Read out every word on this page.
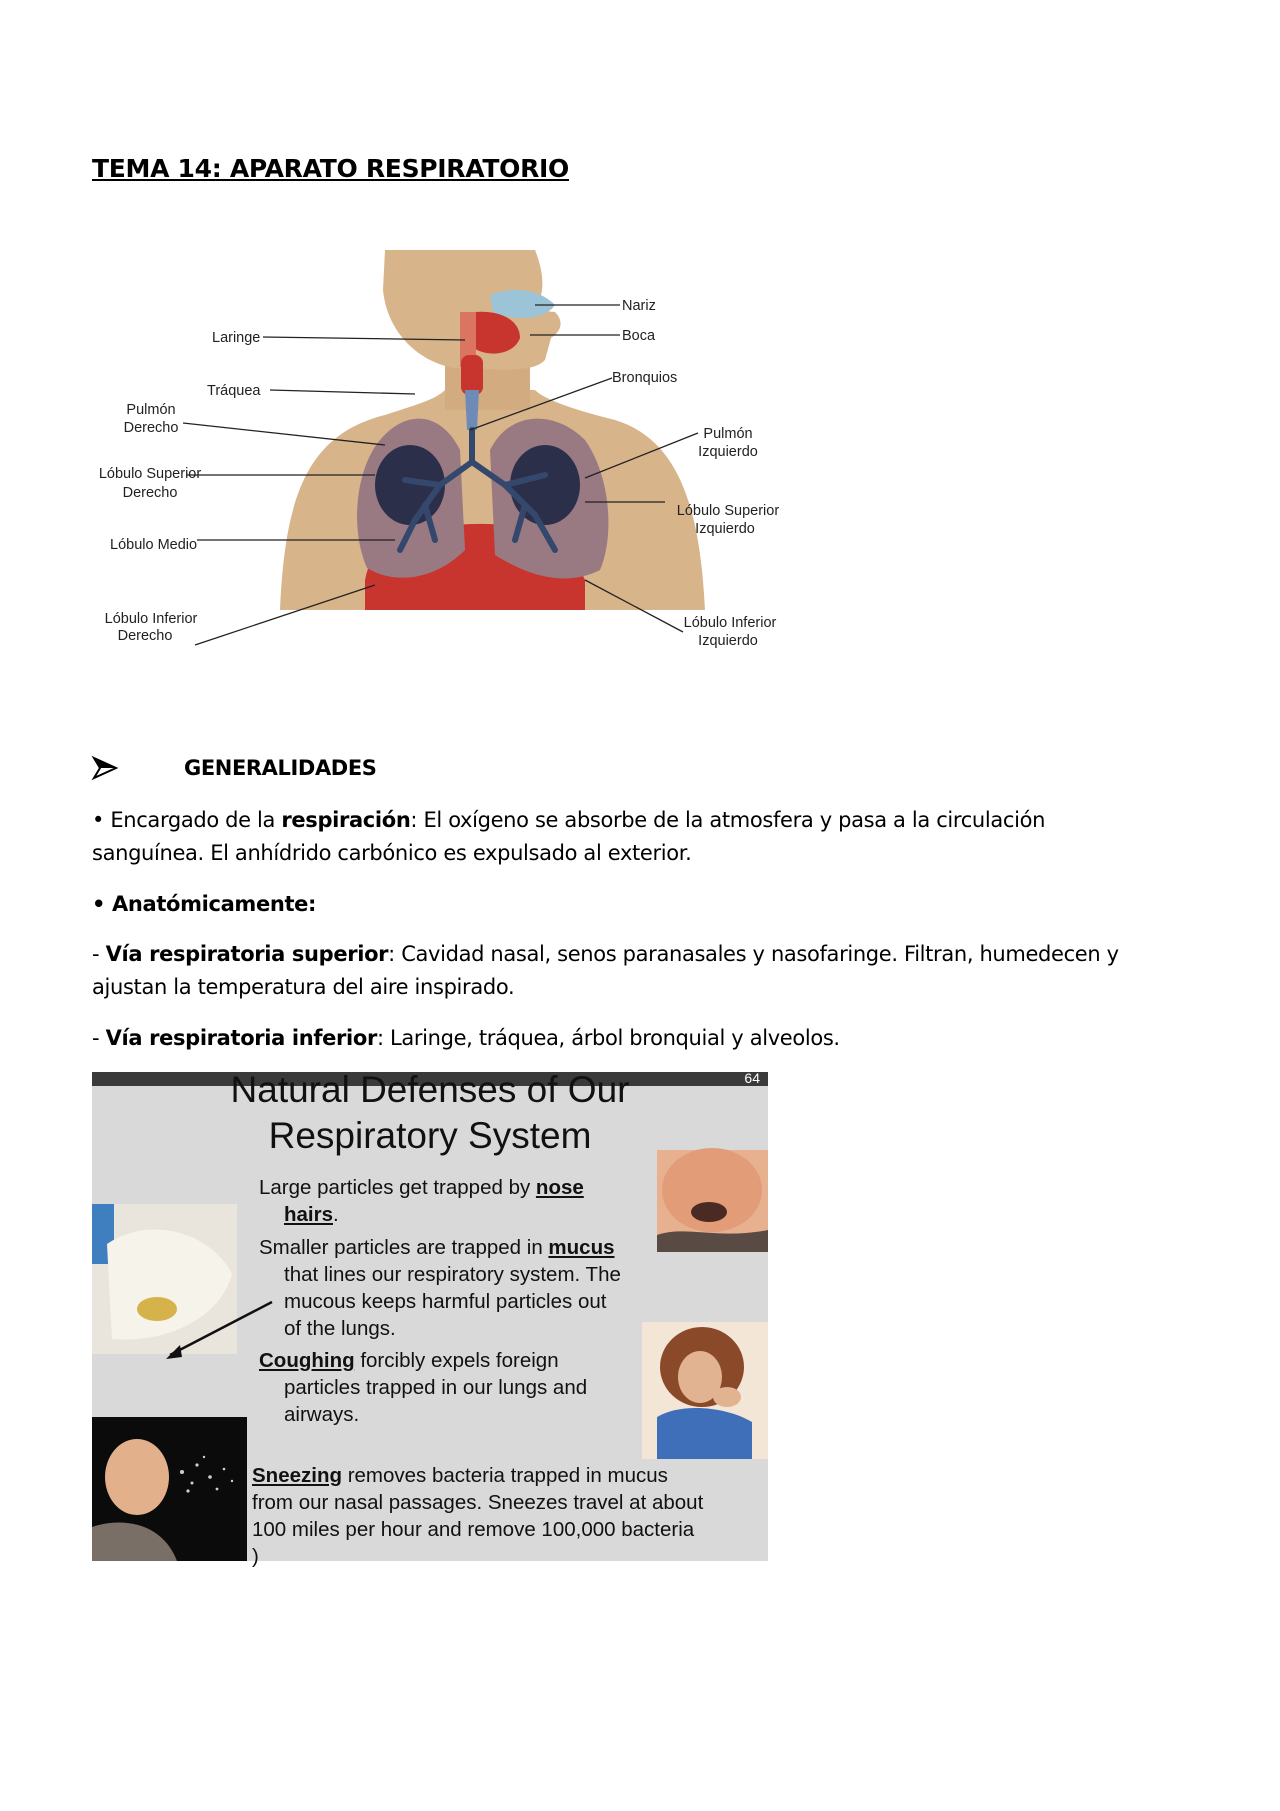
TEMA 14: APARATO RESPIRATORIO
Nariz
Boca
Laringe
Bronquios
Tráquea
Pulmón
Derecho	Pulmón
Izquierdo
Lóbulo Superior
Derecho
Lóbulo Superior
Izquierdo
Lóbulo Medio
Lóbulo Inferior
Derecho
Lóbulo Inferior
Izquierdo
GENERALIDADES

• Encargado de la respiración: El oxígeno se absorbe de la atmosfera y pasa a la circulación sanguínea. El anhídrido carbónico es expulsado al exterior.

• Anatómicamente:

- Vía respiratoria superior: Cavidad nasal, senos paranasales y nasofaringe. Filtran, humedecen y ajustan la temperatura del aire inspirado.

- Vía respiratoria inferior: Laringe, tráquea, árbol bronquial y alveolos.

64
Natural Defenses of Our
Respiratory System
Large particles get trapped by nose
hairs.
Smaller particles are trapped in mucus
that lines our respiratory system. The
mucous keeps harmful particles out
of the lungs.
Coughing forcibly expels foreign
particles trapped in our lungs and
airways.
Sneezing removes bacteria trapped in mucus
from our nasal passages. Sneezes travel at about
100 miles per hour and remove 100,000 bacteria
)
